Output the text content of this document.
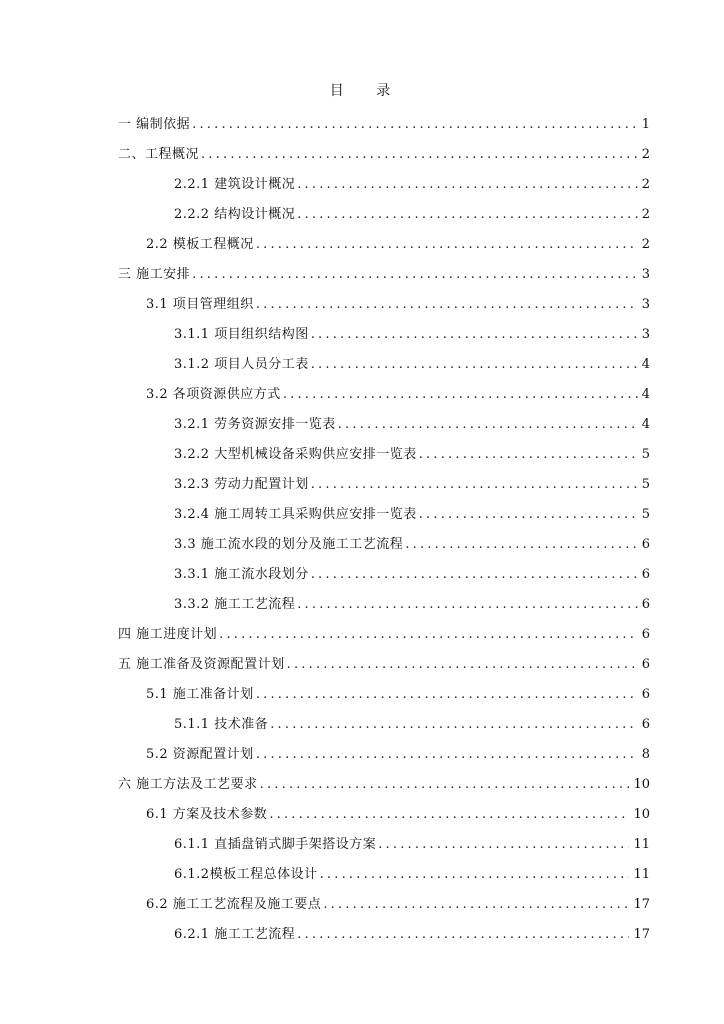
目 录
一 编制依据 .....	1
二、工程概况 .....	2
2.2.1 建筑设计概况 .....	2
2.2.2 结构设计概况 .....	2
2.2 模板工程概况 .....	2
三 施工安排 .....	3
3.1 项目管理组织 .....	3
3.1.1 项目组织结构图 .....	3
3.1.2 项目人员分工表 .....	4
3.2 各项资源供应方式 .....	4
3.2.1 劳务资源安排一览表 .....	4
3.2.2 大型机械设备采购供应安排一览表 .....	5
3.2.3 劳动力配置计划 .....	5
3.2.4 施工周转工具采购供应安排一览表 .....	5
3.3 施工流水段的划分及施工工艺流程 .....	6
3.3.1 施工流水段划分 .....	6
3.3.2 施工工艺流程 .....	6
四 施工进度计划 .....	6
五 施工准备及资源配置计划 .....	6
5.1 施工准备计划 .....	6
5.1.1 技术准备 .....	6
5.2 资源配置计划 .....	8
六 施工方法及工艺要求 .....	10
6.1 方案及技术参数 .....	10
6.1.1 直插盘销式脚手架搭设方案 .....	11
6.1.2模板工程总体设计 .....	11
6.2 施工工艺流程及施工要点 .....	17
6.2.1 施工工艺流程 .....	17
